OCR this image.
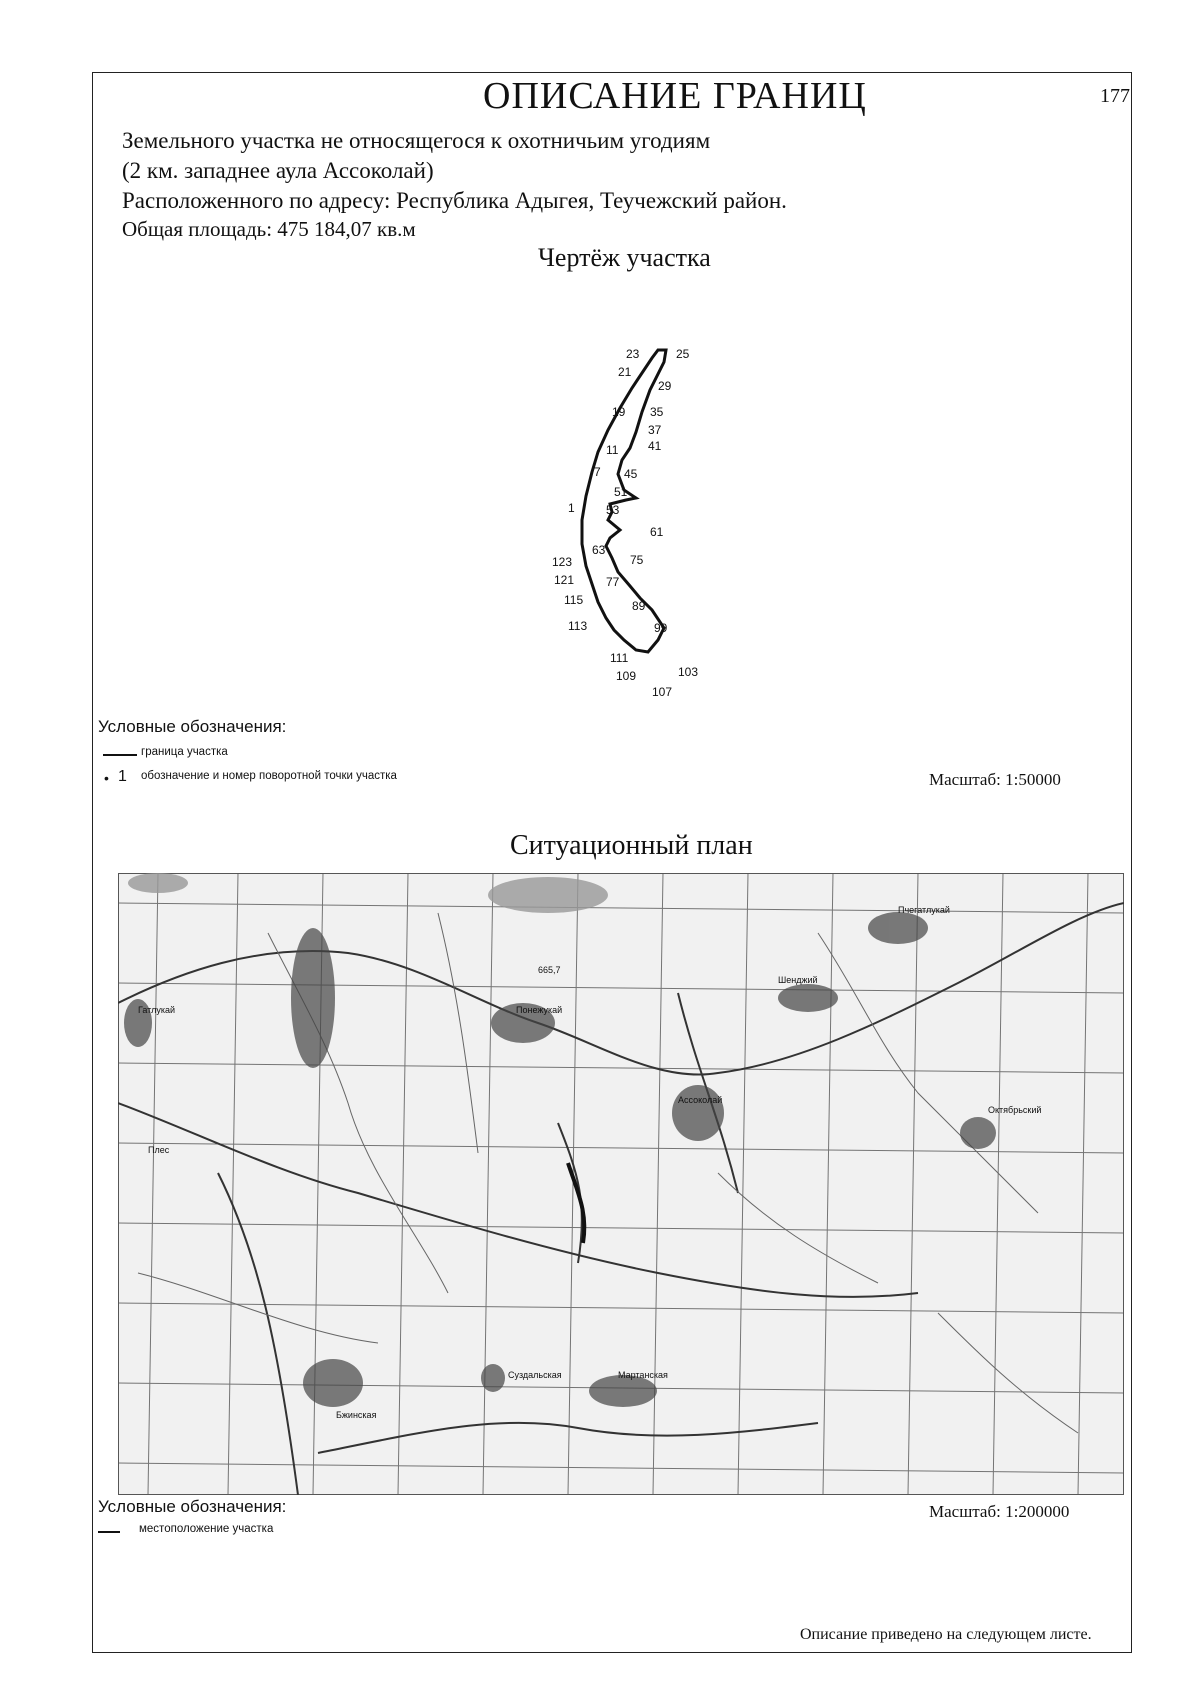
ОПИСАНИЕ ГРАНИЦ	177
Земельного участка не относящегося к охотничьим угодиям
(2 км. западнее аула Ассоколай)
Расположенного по адресу: Республика Адыгея, Теучежский район.
Общая площадь: 475 184,07 кв.м
Чертёж участка
23	25
21
29
19 35
37
41
11
7 45
51
1	53
61
63
123	75
121	77
115	89
113	99
111
109	103
107
Условные обозначения:
граница участка
• 1 обозначение и номер поворотной точки участка	Масштаб: 1:50000
Ситуационный план
Понежукай
Ассоколай
Суздальская	Мартанская
Бжинская
Гатлукай
Шенджий
Пчегатлукай
Октябрьский
665,7
Плес
Условные обозначения:
местоположение участка
Масштаб: 1:200000
Описание приведено на следующем листе.
